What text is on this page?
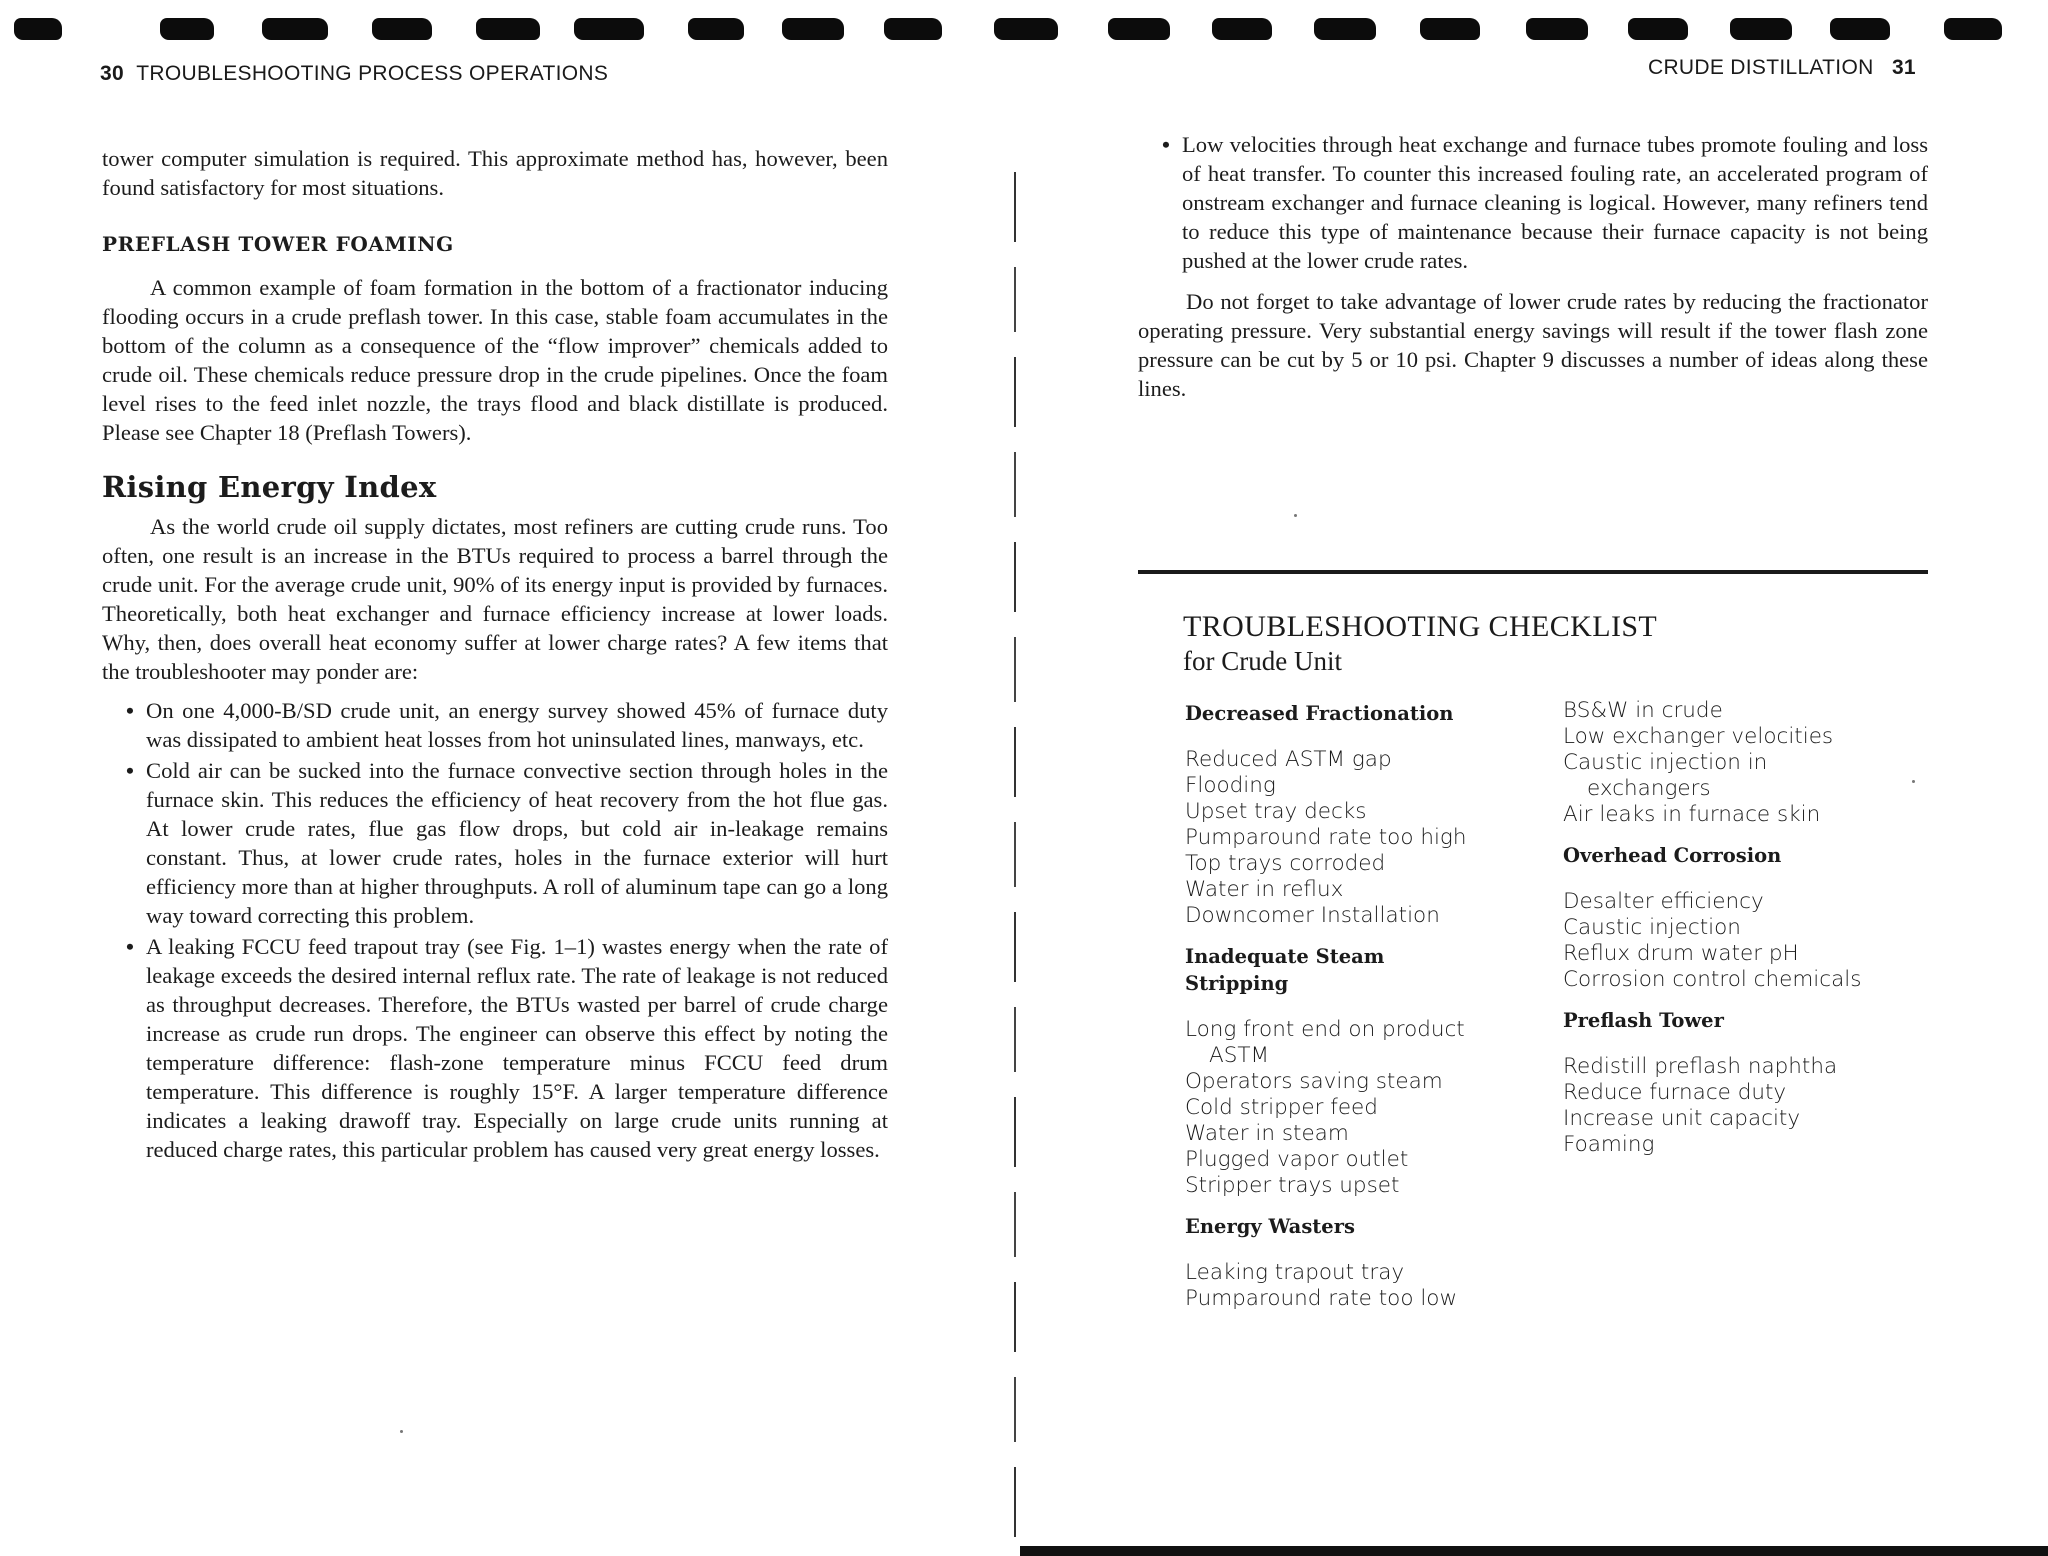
30 TROUBLESHOOTING PROCESS OPERATIONS	CRUDE DISTILLATION 31

tower computer simulation is required. This approximate method has, however, been found satisfactory for most situations.

PREFLASH TOWER FOAMING

A common example of foam formation in the bottom of a fractionator inducing flooding occurs in a crude preflash tower. In this case, stable foam accumulates in the bottom of the column as a consequence of the “flow improver” chemicals added to crude oil. These chemicals reduce pressure drop in the crude pipelines. Once the foam level rises to the feed inlet nozzle, the trays flood and black distillate is produced. Please see Chapter 18 (Preflash Towers).

Rising Energy Index

As the world crude oil supply dictates, most refiners are cutting crude runs. Too often, one result is an increase in the BTUs required to process a barrel through the crude unit. For the average crude unit, 90% of its energy input is provided by furnaces. Theoretically, both heat exchanger and furnace efficiency increase at lower loads. Why, then, does overall heat economy suffer at lower charge rates? A few items that the troubleshooter may ponder are:

• On one 4,000-B/SD crude unit, an energy survey showed 45% of furnace duty was dissipated to ambient heat losses from hot uninsulated lines, manways, etc.
• Cold air can be sucked into the furnace convective section through holes in the furnace skin. This reduces the efficiency of heat recovery from the hot flue gas. At lower crude rates, flue gas flow drops, but cold air in-leakage remains constant. Thus, at lower crude rates, holes in the furnace exterior will hurt efficiency more than at higher throughputs. A roll of aluminum tape can go a long way toward correcting this problem.
• A leaking FCCU feed trapout tray (see Fig. 1–1) wastes energy when the rate of leakage exceeds the desired internal reflux rate. The rate of leakage is not reduced as throughput decreases. Therefore, the BTUs wasted per barrel of crude charge increase as crude run drops. The engineer can observe this effect by noting the temperature difference: flash-zone temperature minus FCCU feed drum temperature. This difference is roughly 15°F. A larger temperature difference indicates a leaking drawoff tray. Especially on large crude units running at reduced charge rates, this particular problem has caused very great energy losses.
• Low velocities through heat exchange and furnace tubes promote fouling and loss of heat transfer. To counter this increased fouling rate, an accelerated program of onstream exchanger and furnace cleaning is logical. However, many refiners tend to reduce this type of maintenance because their furnace capacity is not being pushed at the lower crude rates.

Do not forget to take advantage of lower crude rates by reducing the fractionator operating pressure. Very substantial energy savings will result if the tower flash zone pressure can be cut by 5 or 10 psi. Chapter 9 discusses a number of ideas along these lines.

TROUBLESHOOTING CHECKLIST
for Crude Unit
Decreased Fractionation
Reduced ASTM gap
Flooding
Upset tray decks
Pumparound rate too high
Top trays corroded
Water in reflux
Downcomer Installation
Inadequate Steam Stripping
Long front end on product
ASTM
Operators saving steam
Cold stripper feed
Water in steam
Plugged vapor outlet
Stripper trays upset
Energy Wasters
Leaking trapout tray
Pumparound rate too low
BS&W in crude
Low exchanger velocities
Caustic injection in
exchangers
Air leaks in furnace skin
Overhead Corrosion
Desalter efficiency
Caustic injection
Reflux drum water pH
Corrosion control chemicals
Preflash Tower
Redistill preflash naphtha
Reduce furnace duty
Increase unit capacity
Foaming
